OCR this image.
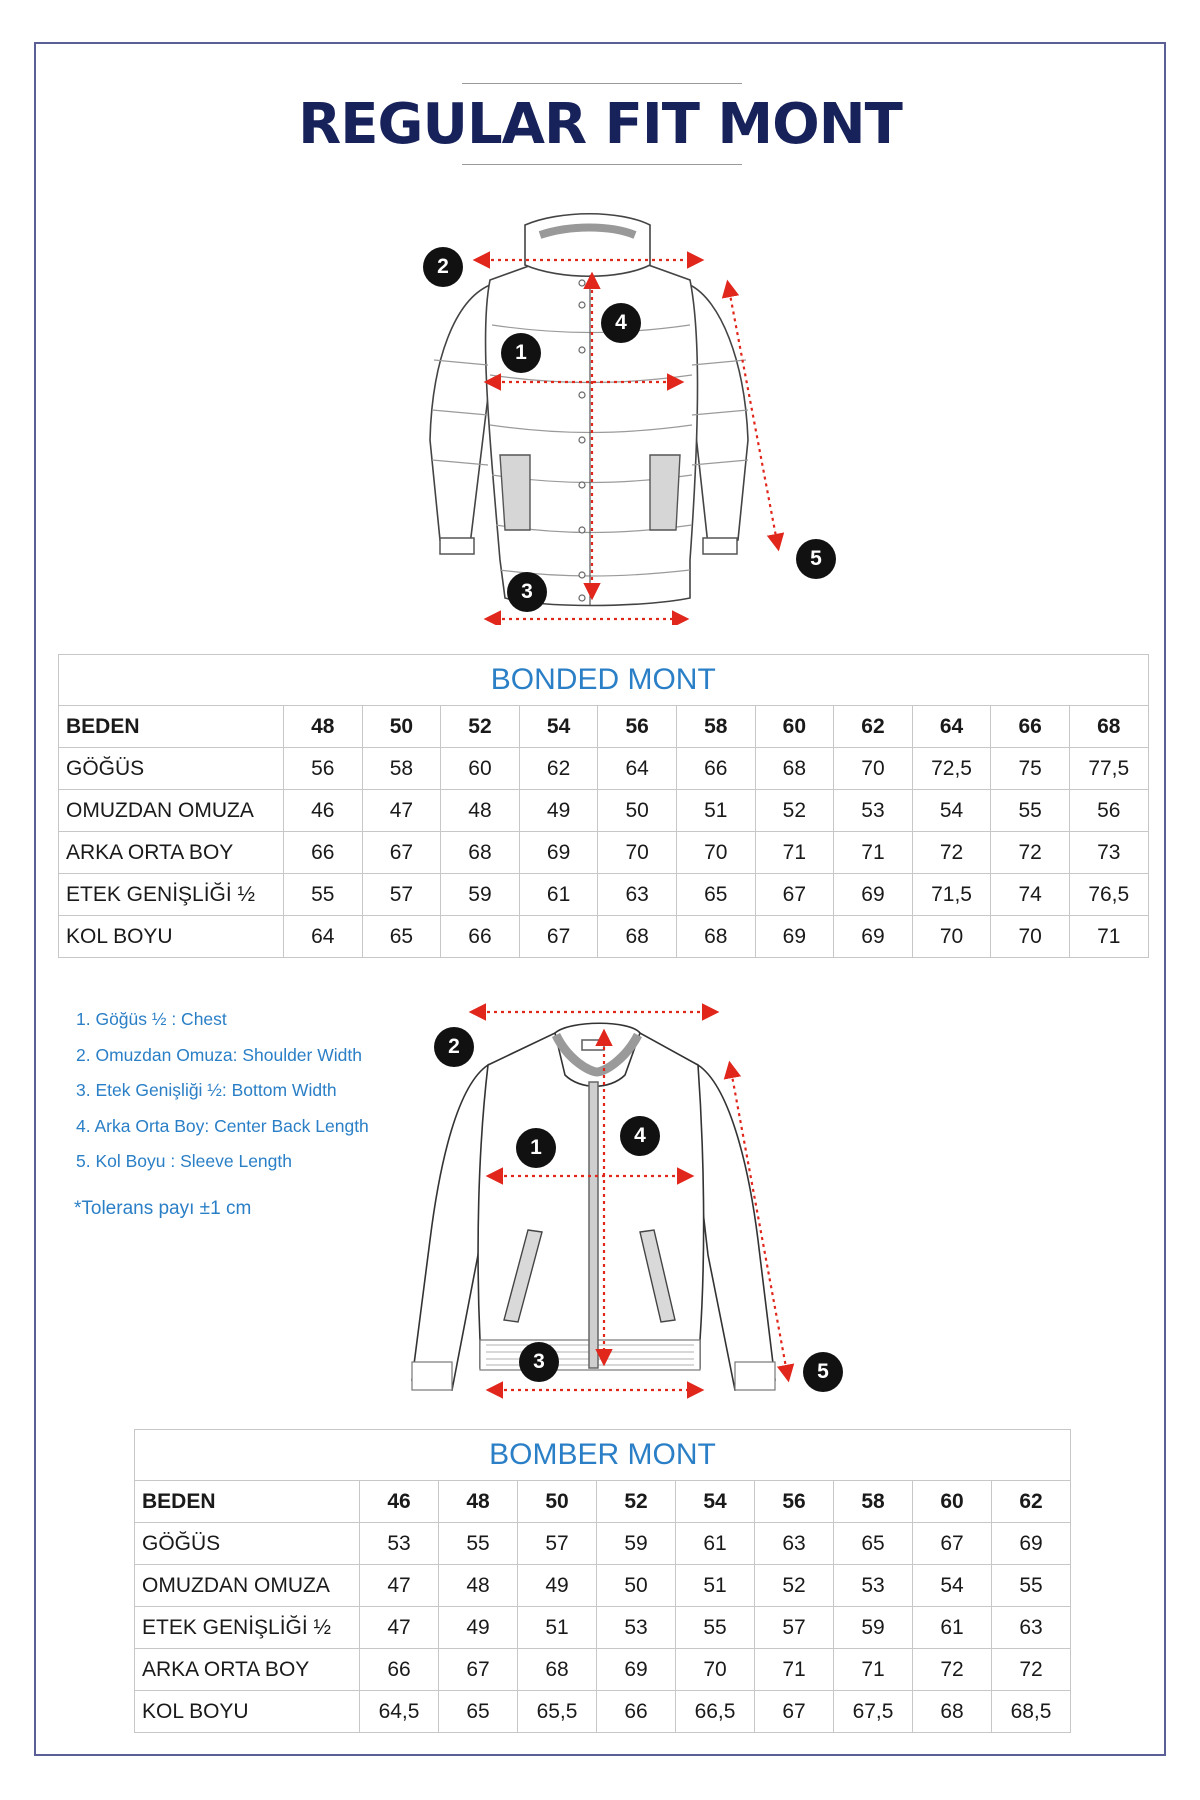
REGULAR FIT MONT
2
1
4
5
3
BONDED MONT											
BEDEN	48	50	52	54	56	58	60	62	64	66	68
GÖĞÜS	56	58	60	62	64	66	68	70	72,5	75	77,5
OMUZDAN OMUZA	46	47	48	49	50	51	52	53	54	55	56
ARKA ORTA BOY	66	67	68	69	70	70	71	71	72	72	73
ETEK GENİŞLİĞİ ½	55	57	59	61	63	65	67	69	71,5	74	76,5
KOL BOYU	64	65	66	67	68	68	69	69	70	70	71
1. Göğüs ½ : Chest
2. Omuzdan Omuza: Shoulder Width
3. Etek Genişliği ½: Bottom Width
4. Arka Orta Boy: Center Back Length
5. Kol Boyu : Sleeve Length
*Tolerans payı ±1 cm
2
1
4
5
3
BOMBER MONT									
BEDEN	46	48	50	52	54	56	58	60	62
GÖĞÜS	53	55	57	59	61	63	65	67	69
OMUZDAN OMUZA	47	48	49	50	51	52	53	54	55
ETEK GENİŞLİĞİ ½	47	49	51	53	55	57	59	61	63
ARKA ORTA BOY	66	67	68	69	70	71	71	72	72
KOL BOYU	64,5	65	65,5	66	66,5	67	67,5	68	68,5
